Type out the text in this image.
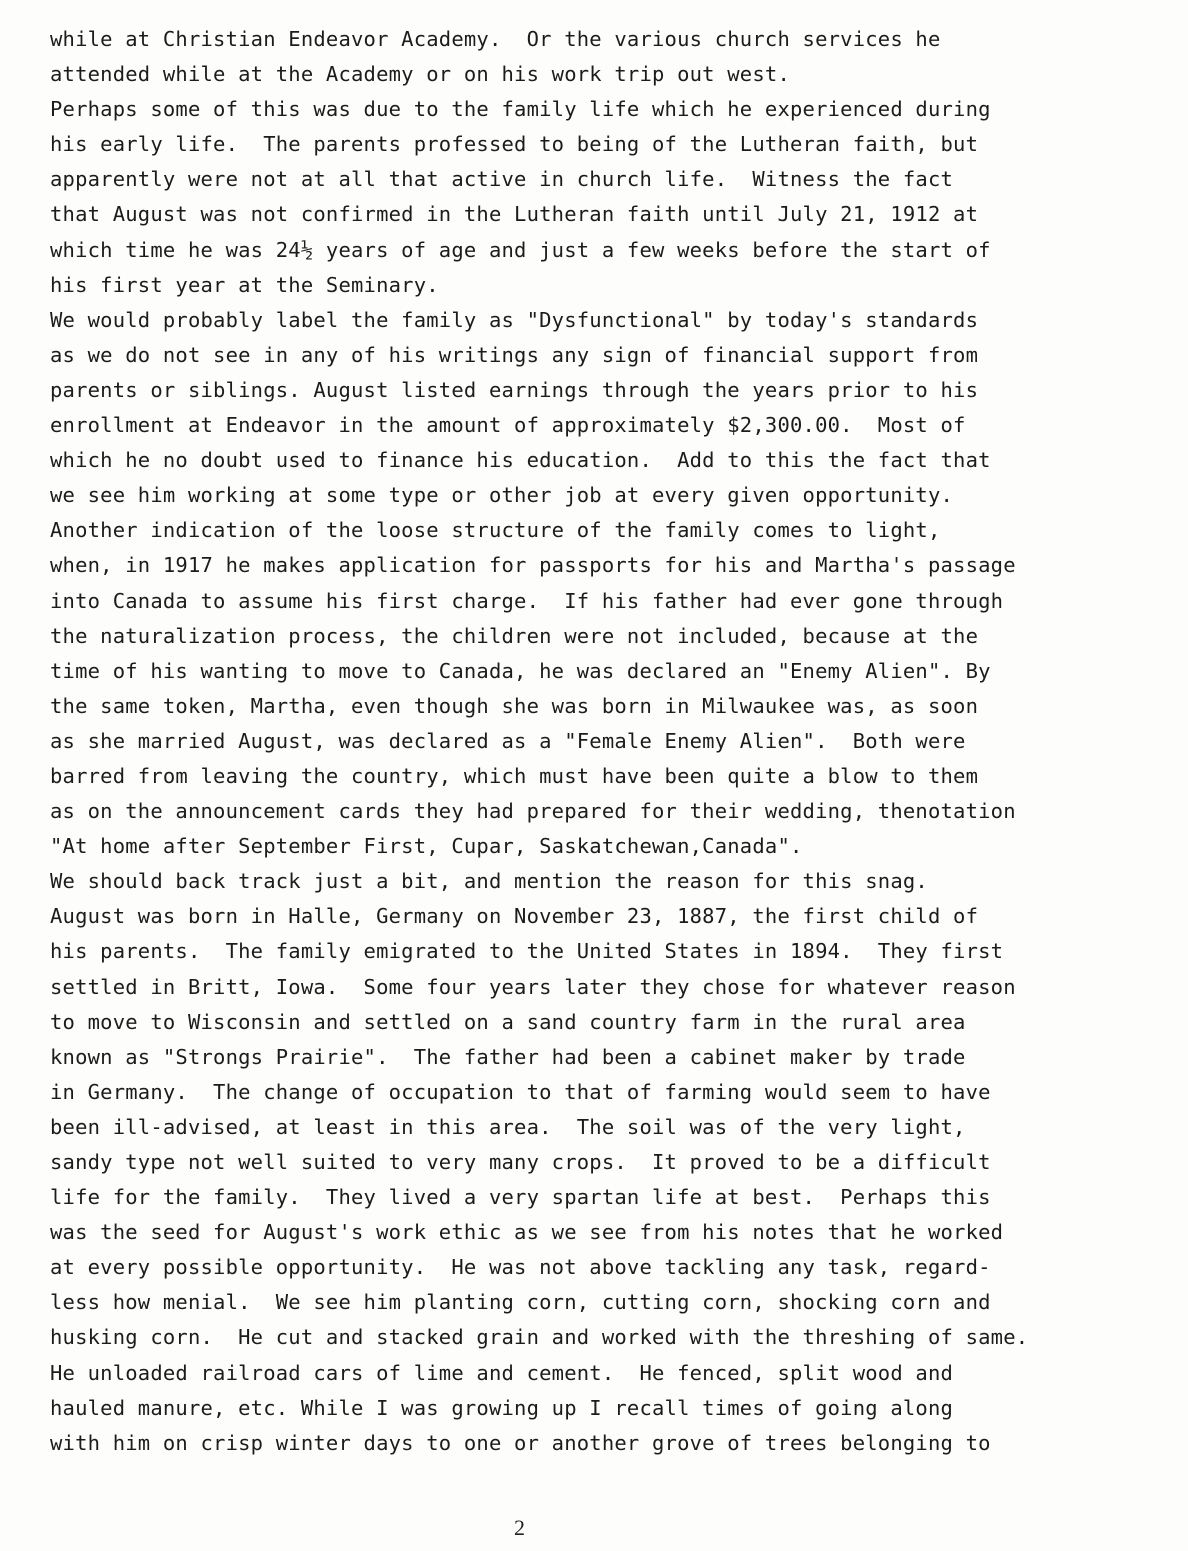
while at Christian Endeavor Academy.  Or the various church services he
attended while at the Academy or on his work trip out west.
Perhaps some of this was due to the family life which he experienced during
his early life.  The parents professed to being of the Lutheran faith, but
apparently were not at all that active in church life.  Witness the fact
that August was not confirmed in the Lutheran faith until July 21, 1912 at
which time he was 24½ years of age and just a few weeks before the start of
his first year at the Seminary.
We would probably label the family as "Dysfunctional" by today's standards
as we do not see in any of his writings any sign of financial support from
parents or siblings. August listed earnings through the years prior to his
enrollment at Endeavor in the amount of approximately $2,300.00.  Most of
which he no doubt used to finance his education.  Add to this the fact that
we see him working at some type or other job at every given opportunity.
Another indication of the loose structure of the family comes to light,
when, in 1917 he makes application for passports for his and Martha's passage
into Canada to assume his first charge.  If his father had ever gone through
the naturalization process, the children were not included, because at the
time of his wanting to move to Canada, he was declared an "Enemy Alien". By
the same token, Martha, even though she was born in Milwaukee was, as soon
as she married August, was declared as a "Female Enemy Alien".  Both were
barred from leaving the country, which must have been quite a blow to them
as on the announcement cards they had prepared for their wedding, thenotation
"At home after September First, Cupar, Saskatchewan,Canada".
We should back track just a bit, and mention the reason for this snag.
August was born in Halle, Germany on November 23, 1887, the first child of
his parents.  The family emigrated to the United States in 1894.  They first
settled in Britt, Iowa.  Some four years later they chose for whatever reason
to move to Wisconsin and settled on a sand country farm in the rural area
known as "Strongs Prairie".  The father had been a cabinet maker by trade
in Germany.  The change of occupation to that of farming would seem to have
been ill-advised, at least in this area.  The soil was of the very light,
sandy type not well suited to very many crops.  It proved to be a difficult
life for the family.  They lived a very spartan life at best.  Perhaps this
was the seed for August's work ethic as we see from his notes that he worked
at every possible opportunity.  He was not above tackling any task, regard-
less how menial.  We see him planting corn, cutting corn, shocking corn and
husking corn.  He cut and stacked grain and worked with the threshing of same.
He unloaded railroad cars of lime and cement.  He fenced, split wood and
hauled manure, etc. While I was growing up I recall times of going along
with him on crisp winter days to one or another grove of trees belonging to
2
